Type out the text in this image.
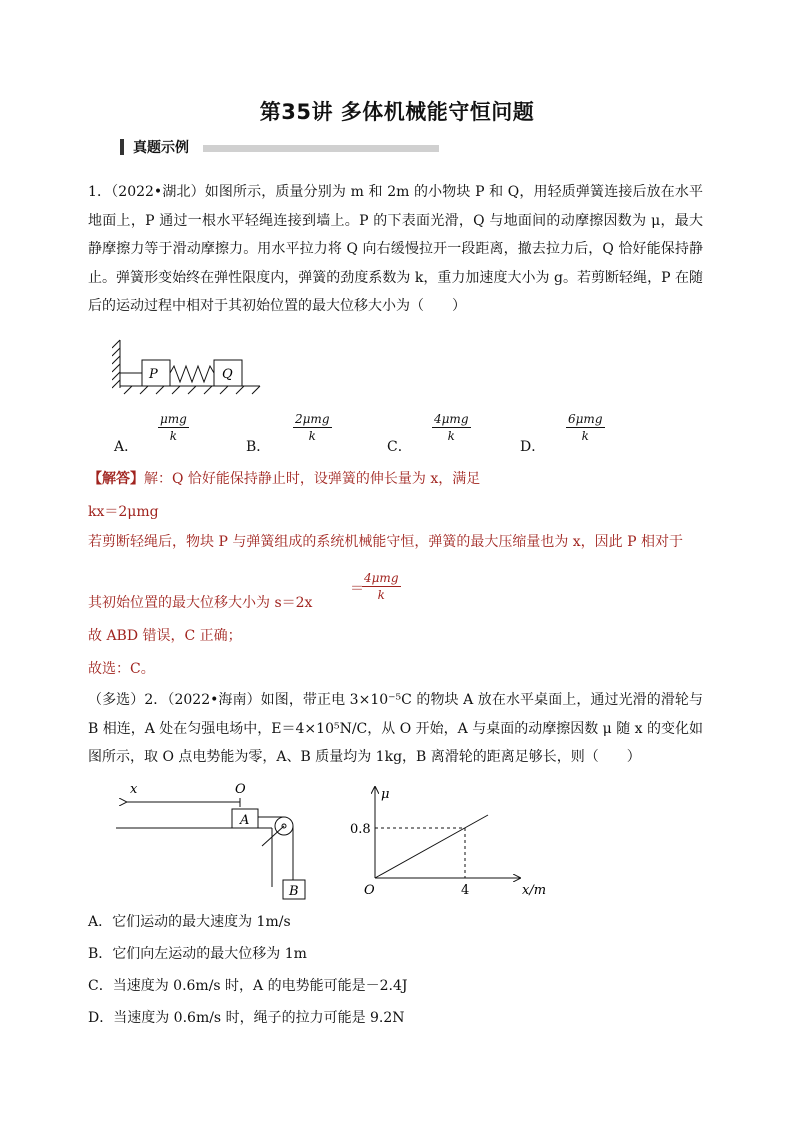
第35讲 多体机械能守恒问题
真题示例
1．（2022•湖北）如图所示，质量分别为 m 和 2m 的小物块 P 和 Q，用轻质弹簧连接后放在水平地面上，P 通过一根水平轻绳连接到墙上。P 的下表面光滑，Q 与地面间的动摩擦因数为 μ，最大静摩擦力等于滑动摩擦力。用水平拉力将 Q 向右缓慢拉开一段距离，撤去拉力后，Q 恰好能保持静止。弹簧形变始终在弹性限度内，弹簧的劲度系数为 k，重力加速度大小为 g。若剪断轻绳，P 在随后的运动过程中相对于其初始位置的最大位移大小为（　　）
P	Q
A．
μmg
k
B．
2μmg
k
C．
4μmg
k
D．
6μmg
k
【解答】解：Q 恰好能保持静止时，设弹簧的伸长量为 x，满足
kx＝2μmg
若剪断轻绳后，物块 P 与弹簧组成的系统机械能守恒，弹簧的最大压缩量也为 x，因此 P 相对于
其初始位置的最大位移大小为 s＝2x
＝
4μmg
k
故 ABD 错误，C 正确；
故选：C。
（多选）2．（2022•海南）如图，带正电 3×10⁻⁵C 的物块 A 放在水平桌面上，通过光滑的滑轮与 B 相连，A 处在匀强电场中，E＝4×10⁵N/C，从 O 开始，A 与桌面的动摩擦因数 μ 随 x 的变化如图所示，取 O 点电势能为零，A、B 质量均为 1kg，B 离滑轮的距离足够长，则（　　）
x	O
A
B
μ
0.8
4
O	x/m
A．它们运动的最大速度为 1m/s
B．它们向左运动的最大位移为 1m
C．当速度为 0.6m/s 时，A 的电势能可能是－2.4J
D．当速度为 0.6m/s 时，绳子的拉力可能是 9.2N
